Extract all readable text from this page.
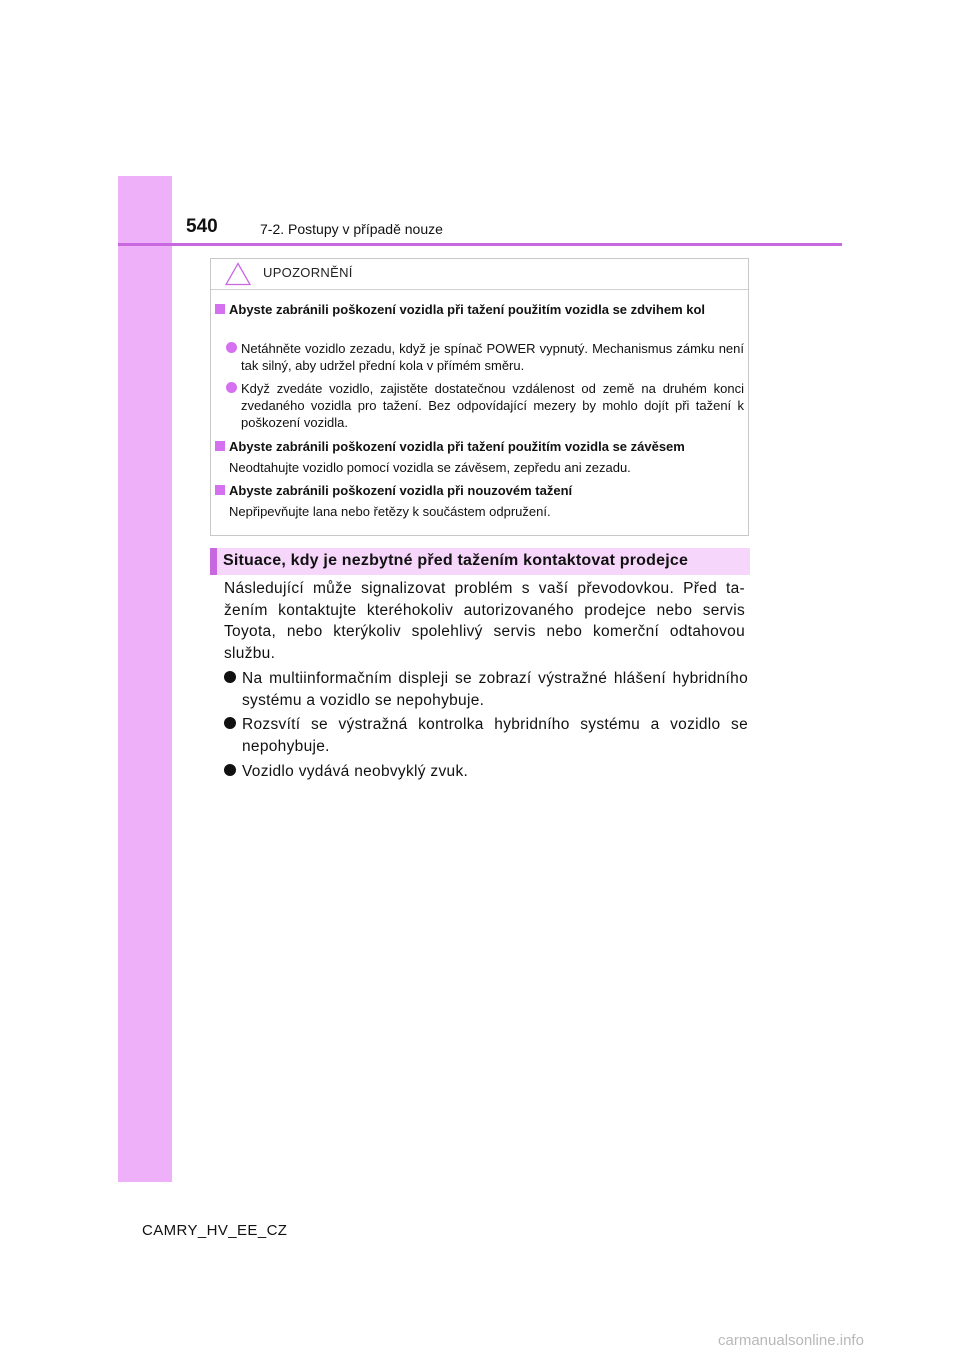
540	7-2. Postupy v případě nouze
UPOZORNĚNÍ
Abyste zabránili poškození vozidla při tažení použitím vozidla se zdvihem kol
Netáhněte vozidlo zezadu, když je spínač POWER vypnutý. Mechanismus zámku není tak silný, aby udržel přední kola v přímém směru.
Když zvedáte vozidlo, zajistěte dostatečnou vzdálenost od země na druhém konci zvedaného vozidla pro tažení. Bez odpovídající mezery by mohlo dojít při tažení k poškození vozidla.
Abyste zabránili poškození vozidla při tažení použitím vozidla se závěsem
Neodtahujte vozidlo pomocí vozidla se závěsem, zepředu ani zezadu.
Abyste zabránili poškození vozidla při nouzovém tažení
Nepřipevňujte lana nebo řetězy k součástem odpružení.
Situace, kdy je nezbytné před tažením kontaktovat prodejce
Následující může signalizovat problém s vaší převodovkou. Před ta-žením kontaktujte kteréhokoliv autorizovaného prodejce nebo servis Toyota, nebo kterýkoliv spolehlivý servis nebo komerční odtahovou službu.
Na multiinformačním displeji se zobrazí výstražné hlášení hybridního systému a vozidlo se nepohybuje.
Rozsvítí se výstražná kontrolka hybridního systému a vozidlo se nepohybuje.
Vozidlo vydává neobvyklý zvuk.
CAMRY_HV_EE_CZ
carmanualsonline.info
